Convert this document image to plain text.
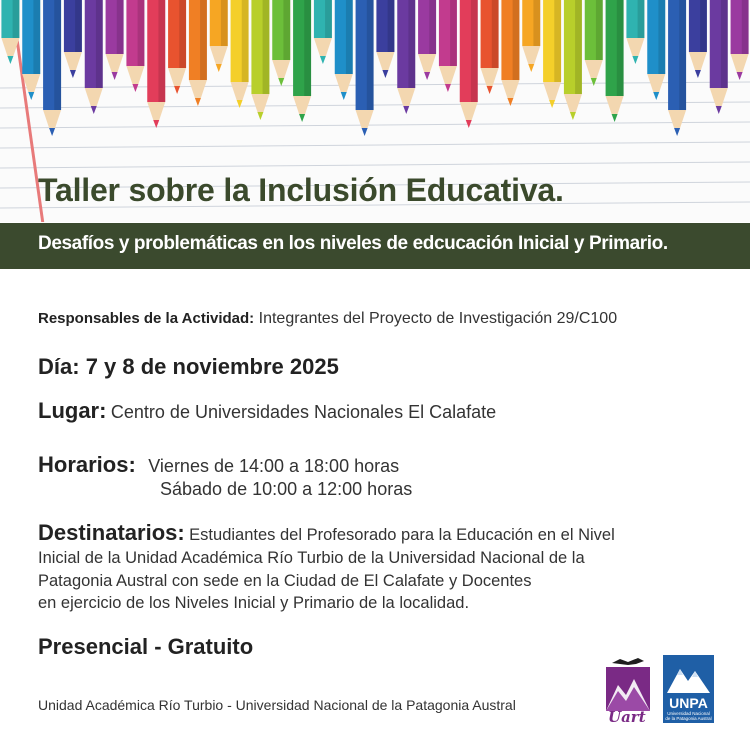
Taller sobre la Inclusión Educativa.
Desafíos y problemáticas en los niveles de edcucación Inicial y Primario.
Responsables de la Actividad: Integrantes del Proyecto de Investigación 29/C100
Día: 7 y 8 de noviembre 2025
Lugar: Centro de Universidades Nacionales El Calafate
Horarios: Viernes de 14:00 a 18:00 horas
Sábado de 10:00 a 12:00 horas
Destinatarios: Estudiantes del Profesorado para la Educación en el Nivel
Inicial de la Unidad Académica Río Turbio de la Universidad Nacional de la
Patagonia Austral con sede en la Ciudad de El Calafate y Docentes
en ejercicio de los Niveles Inicial y Primario de la localidad.
Presencial - Gratuito
Unidad Académica Río Turbio - Universidad Nacional de la Patagonia Austral
Uart
UNPA
Universidad Nacional
de la Patagonia Austral
